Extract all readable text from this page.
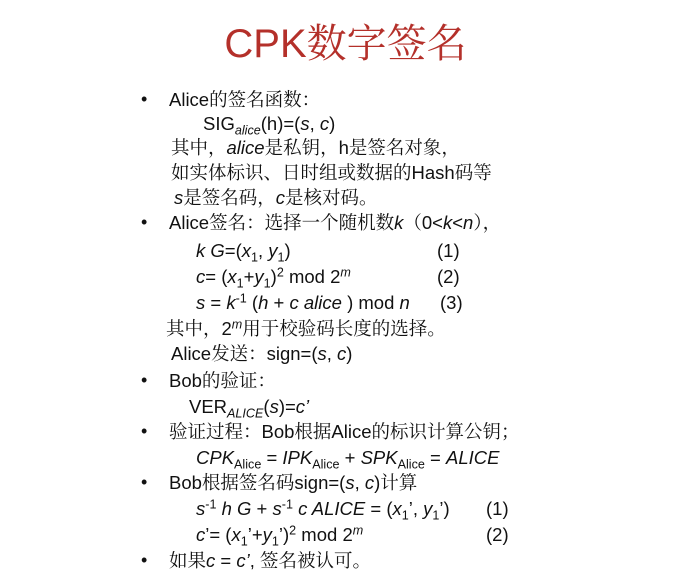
CPK数字签名
• Alice的签名函数：
$SIG_{alice}(h)=(s$, c)
其中，alice是私钥，h是签名对象，
如实体标识、日时组或数据的Hash码等
s是签名码，c是核对码。
• Alice签名：选择一个随机数k（0<k<n），
k $G=(x_1$, $y_1$)	(1)
$c= (x_1+y_1)^2$ mod 2$^m$	(2)
$s = k^{-1}$ (h + c alice ) mod n (3)
其中，2$^m$用于校验码长度的选择。
Alice发送：sign=(s, c)
• Bob的验证：
$VER_{ALICE}(s)=c$’
• 验证过程：Bob根据Alice的标识计算公钥；
$CPK_{Alice} = IPK_{Alice} + SPK_{Alice}$ = ALICE
• Bob根据签名码sign=(s, c)计算
$s^{-1}$ h $G + s^{-1}$ c ALICE = ($x_1$’, $y_1$’) (1)
c’= $(x_1’+y_1’)^2$ mod 2$^m$	(2)
• 如果c = c’, 签名被认可。
